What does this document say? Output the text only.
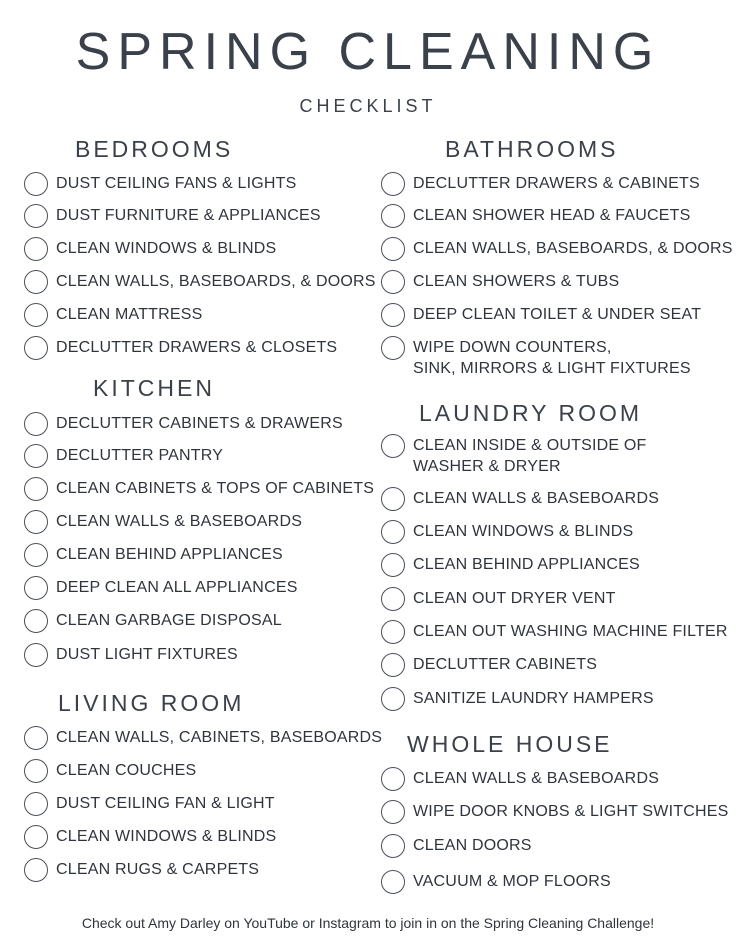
SPRING CLEANING
CHECKLIST
BEDROOMS
DUST CEILING FANS & LIGHTS
DUST FURNITURE & APPLIANCES
CLEAN WINDOWS & BLINDS
CLEAN WALLS, BASEBOARDS, & DOORS
CLEAN MATTRESS
DECLUTTER DRAWERS & CLOSETS
KITCHEN
DECLUTTER CABINETS & DRAWERS
DECLUTTER PANTRY
CLEAN CABINETS & TOPS OF CABINETS
CLEAN WALLS & BASEBOARDS
CLEAN BEHIND APPLIANCES
DEEP CLEAN ALL APPLIANCES
CLEAN GARBAGE DISPOSAL
DUST LIGHT FIXTURES
LIVING ROOM
CLEAN WALLS, CABINETS, BASEBOARDS
CLEAN COUCHES
DUST CEILING FAN & LIGHT
CLEAN WINDOWS & BLINDS
CLEAN RUGS & CARPETS
BATHROOMS
DECLUTTER DRAWERS & CABINETS
CLEAN SHOWER HEAD & FAUCETS
CLEAN WALLS, BASEBOARDS, & DOORS
CLEAN SHOWERS & TUBS
DEEP CLEAN TOILET & UNDER SEAT
WIPE DOWN COUNTERS,
SINK, MIRRORS & LIGHT FIXTURES
LAUNDRY ROOM
CLEAN INSIDE & OUTSIDE OF
WASHER & DRYER
CLEAN WALLS & BASEBOARDS
CLEAN WINDOWS & BLINDS
CLEAN BEHIND APPLIANCES
CLEAN OUT DRYER VENT
CLEAN OUT WASHING MACHINE FILTER
DECLUTTER CABINETS
SANITIZE LAUNDRY HAMPERS
WHOLE HOUSE
CLEAN WALLS & BASEBOARDS
WIPE DOOR KNOBS & LIGHT SWITCHES
CLEAN DOORS
VACUUM & MOP FLOORS
Check out Amy Darley on YouTube or Instagram to join in on the Spring Cleaning Challenge!
